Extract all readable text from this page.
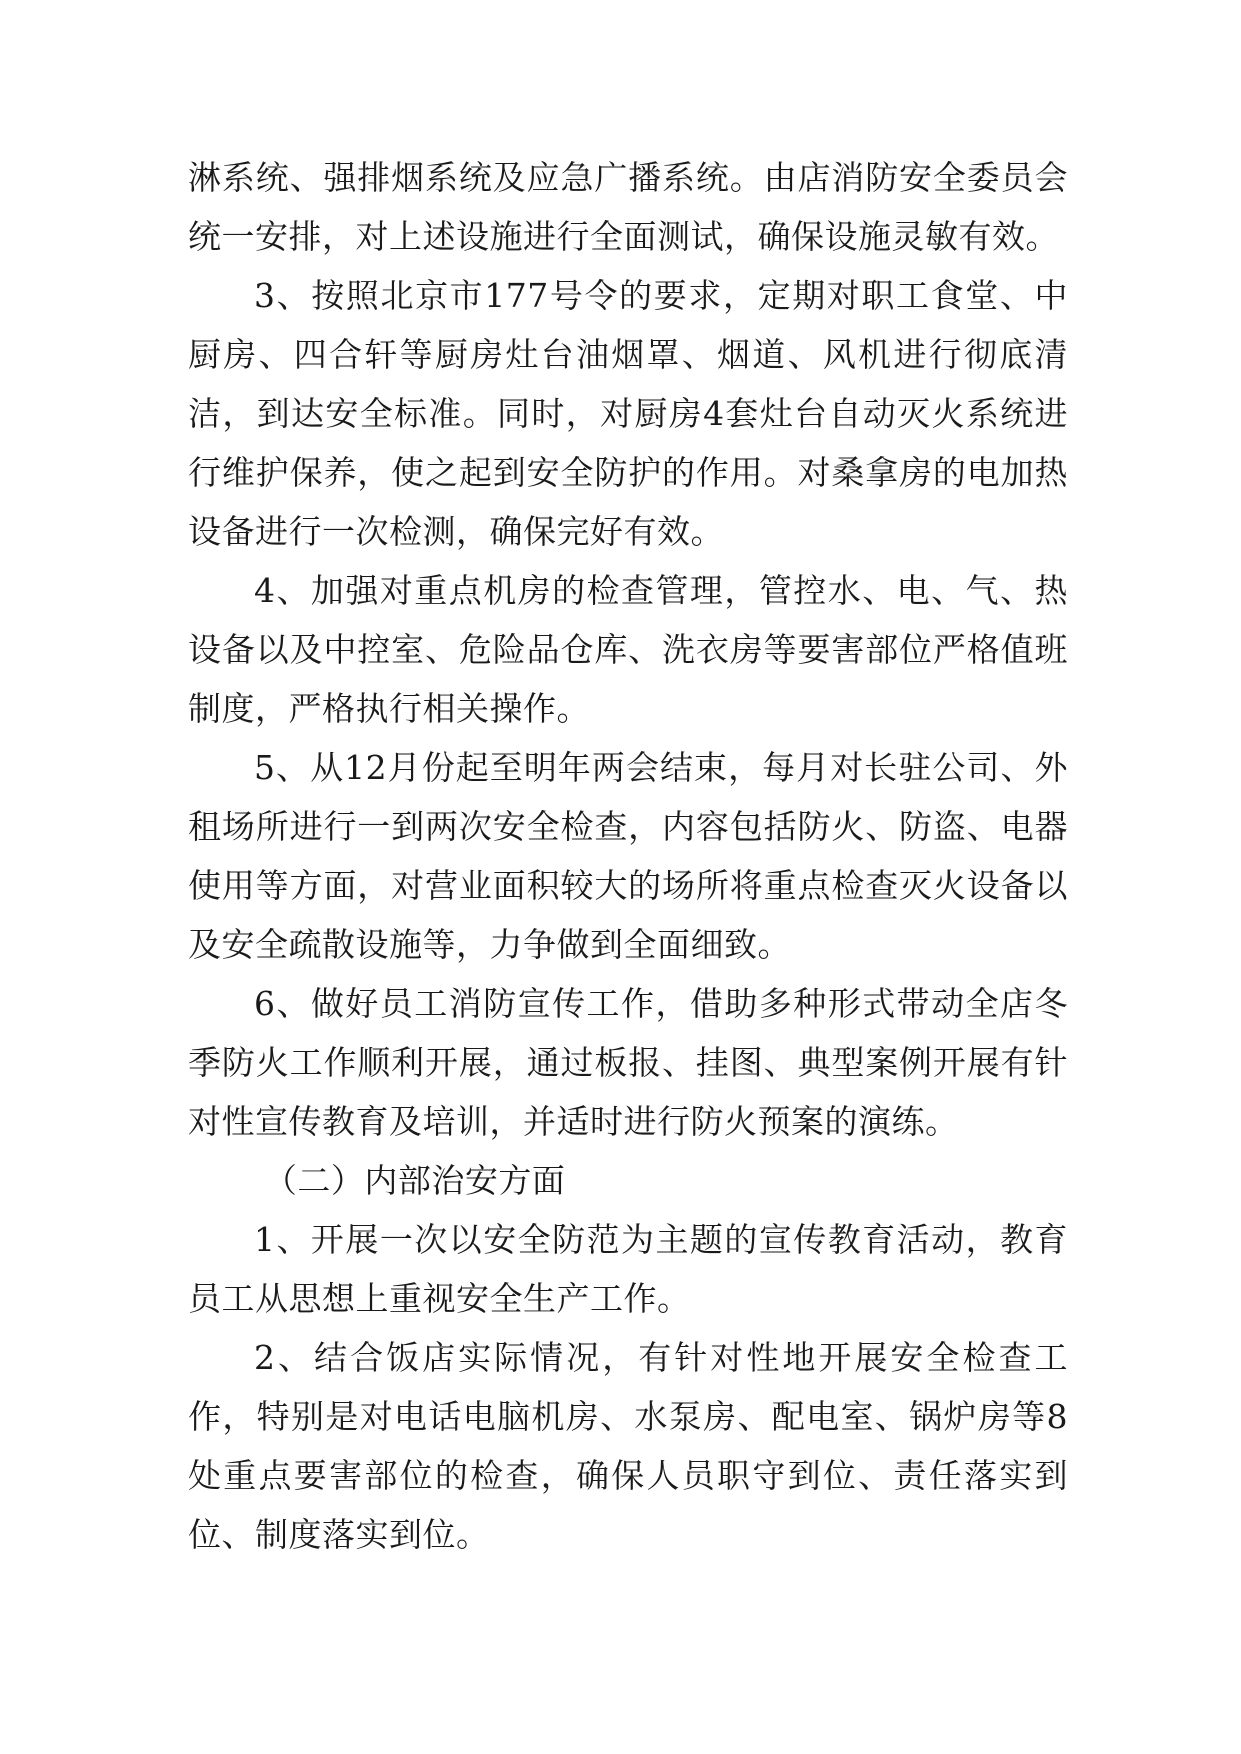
淋系统、强排烟系统及应急广播系统。由店消防安全委员会统一安排，对上述设施进行全面测试，确保设施灵敏有效。

3、按照北京市177号令的要求，定期对职工食堂、中厨房、四合轩等厨房灶台油烟罩、烟道、风机进行彻底清洁，到达安全标准。同时，对厨房4套灶台自动灭火系统进行维护保养，使之起到安全防护的作用。对桑拿房的电加热设备进行一次检测，确保完好有效。

4、加强对重点机房的检查管理，管控水、电、气、热设备以及中控室、危险品仓库、洗衣房等要害部位严格值班制度，严格执行相关操作。

5、从12月份起至明年两会结束，每月对长驻公司、外租场所进行一到两次安全检查，内容包括防火、防盗、电器使用等方面，对营业面积较大的场所将重点检查灭火设备以及安全疏散设施等，力争做到全面细致。

6、做好员工消防宣传工作，借助多种形式带动全店冬季防火工作顺利开展，通过板报、挂图、典型案例开展有针对性宣传教育及培训，并适时进行防火预案的演练。

（二）内部治安方面

1、开展一次以安全防范为主题的宣传教育活动，教育员工从思想上重视安全生产工作。

2、结合饭店实际情况，有针对性地开展安全检查工作，特别是对电话电脑机房、水泵房、配电室、锅炉房等8处重点要害部位的检查，确保人员职守到位、责任落实到位、制度落实到位。
